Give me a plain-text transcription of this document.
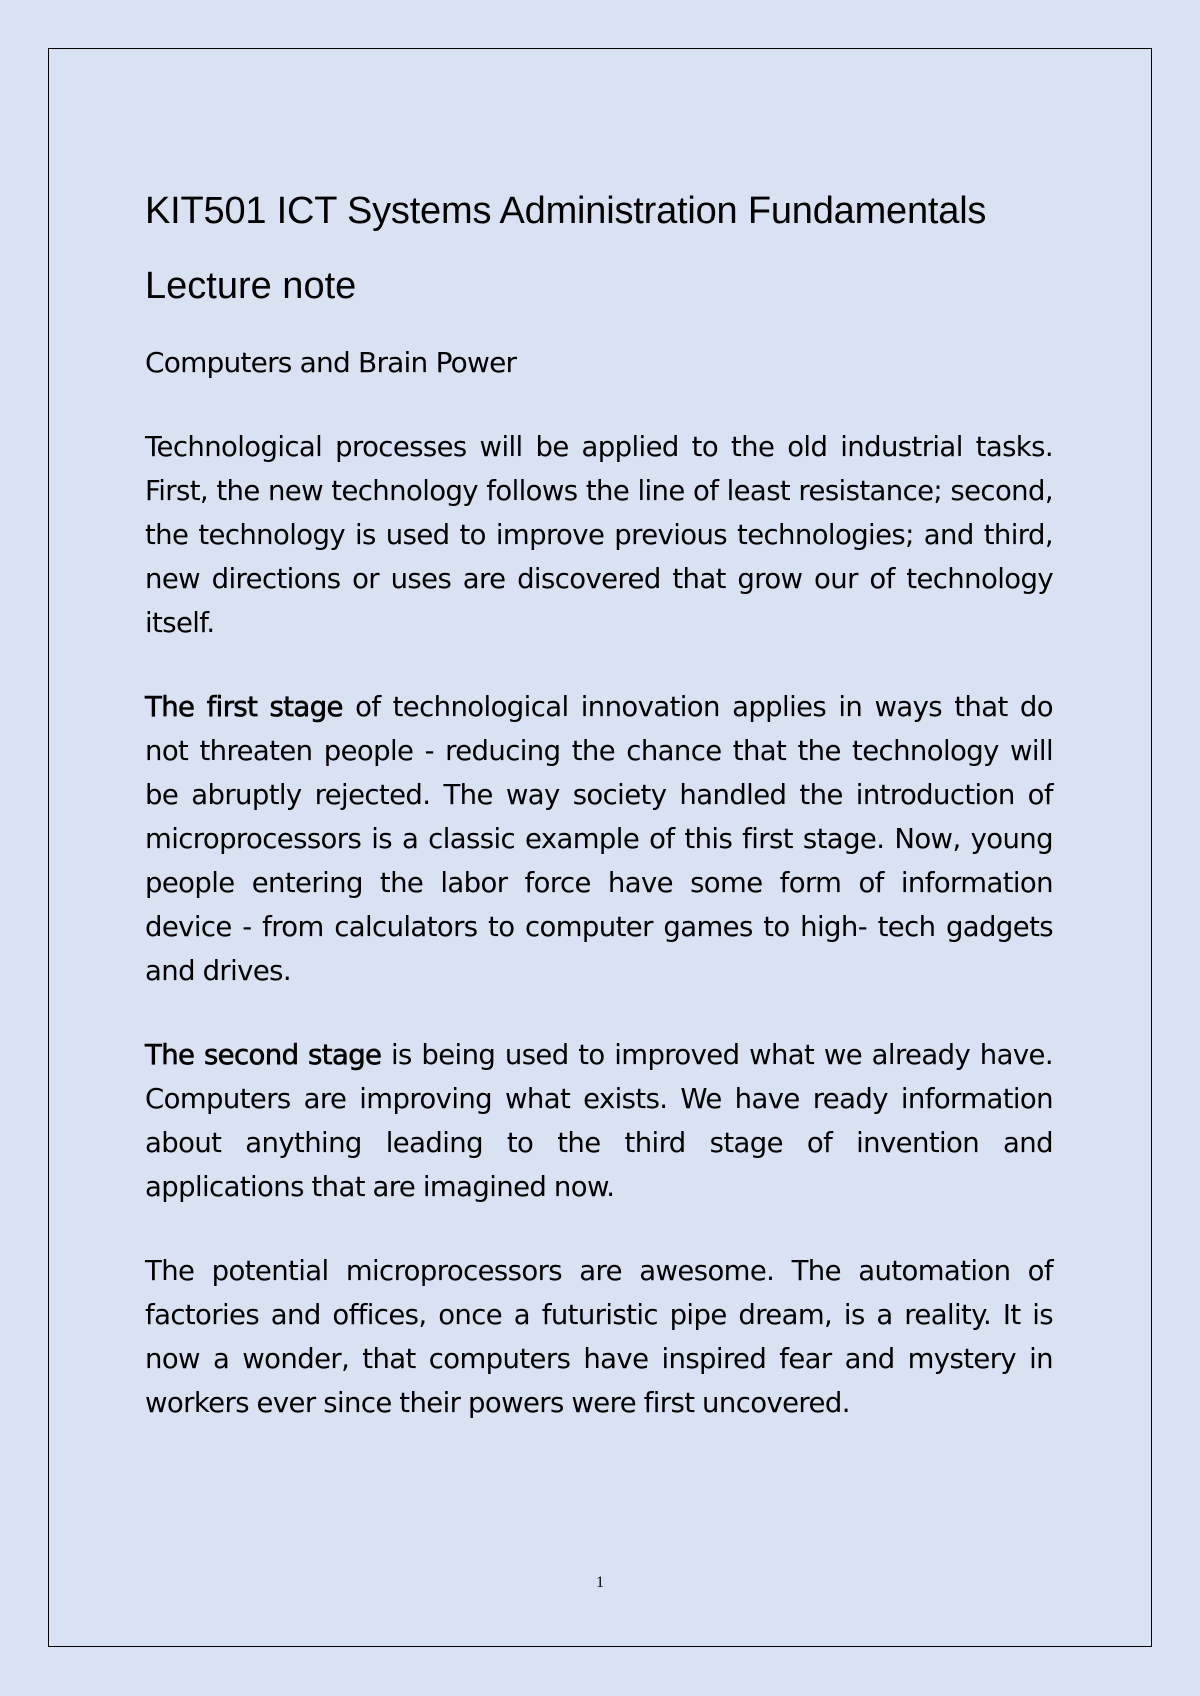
KIT501 ICT Systems Administration Fundamentals
Lecture note
Computers and Brain Power

Technological processes will be applied to the old industrial tasks. First, the new technology follows the line of least resistance; second, the technology is used to improve previous technologies; and third, new directions or uses are discovered that grow our of technology itself.

The first stage of technological innovation applies in ways that do not threaten people - reducing the chance that the technology will be abruptly rejected. The way society handled the introduction of microprocessors is a classic example of this first stage. Now, young people entering the labor force have some form of information device - from calculators to computer games to high- tech gadgets and drives.

The second stage is being used to improved what we already have. Computers are improving what exists. We have ready information about anything leading to the third stage of invention and applications that are imagined now.

The potential microprocessors are awesome. The automation of factories and offices, once a futuristic pipe dream, is a reality. It is now a wonder, that computers have inspired fear and mystery in workers ever since their powers were first uncovered.

1
